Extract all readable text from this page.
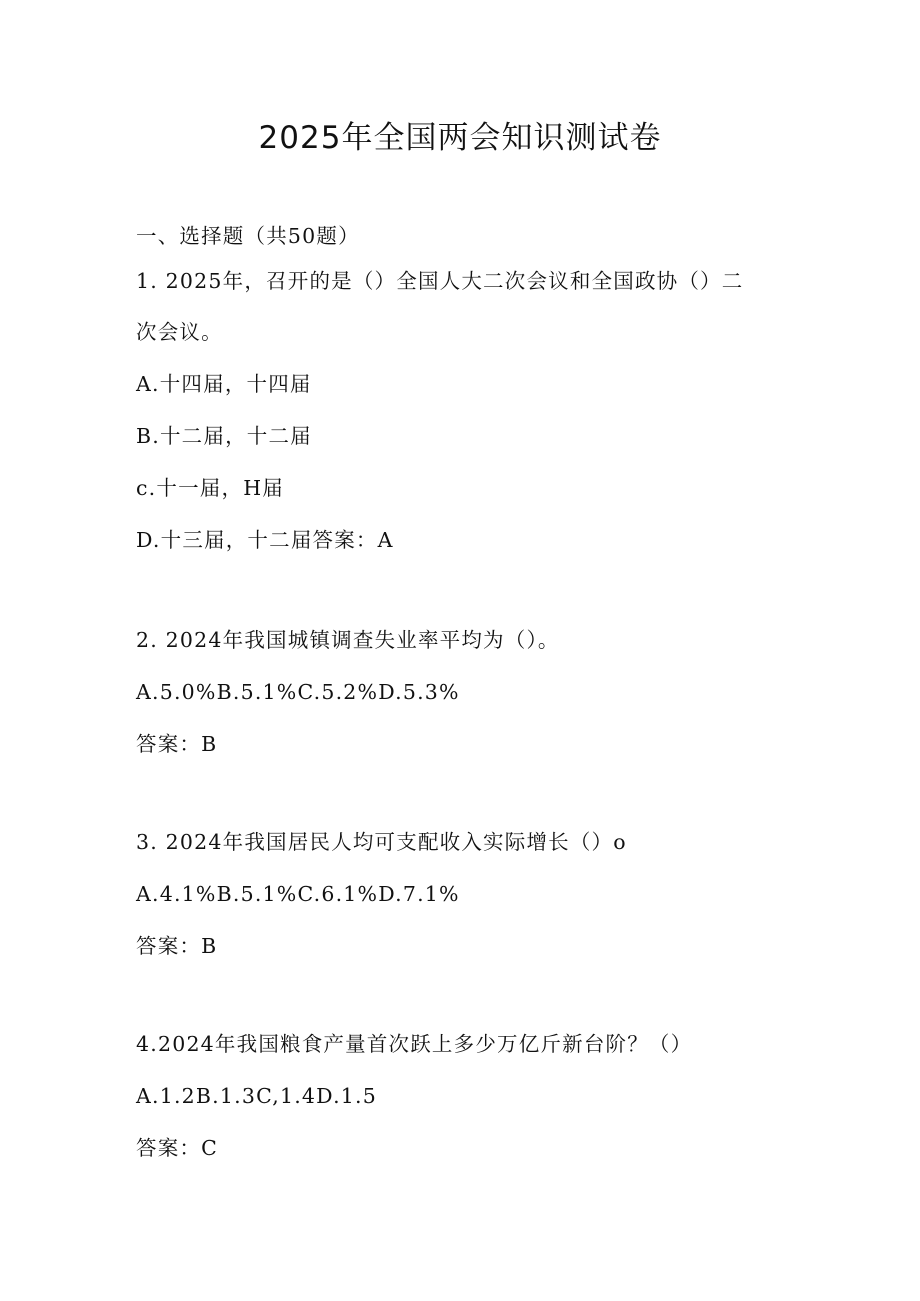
2025年全国两会知识测试卷
一、选择题（共50题）
1. 2025年，召开的是（）全国人大二次会议和全国政协（）二
次会议。
A.十四届，十四届
B.十二届，十二届
c.十一届，H届
D.十三届，十二届答案：A
2. 2024年我国城镇调查失业率平均为（）。
A.5.0%B.5.1%C.5.2%D.5.3%
答案：B
3. 2024年我国居民人均可支配收入实际增长（）o
A.4.1%B.5.1%C.6.1%D.7.1%
答案：B
4.2024年我国粮食产量首次跃上多少万亿斤新台阶？（）
A.1.2B.1.3C,1.4D.1.5
答案：C
